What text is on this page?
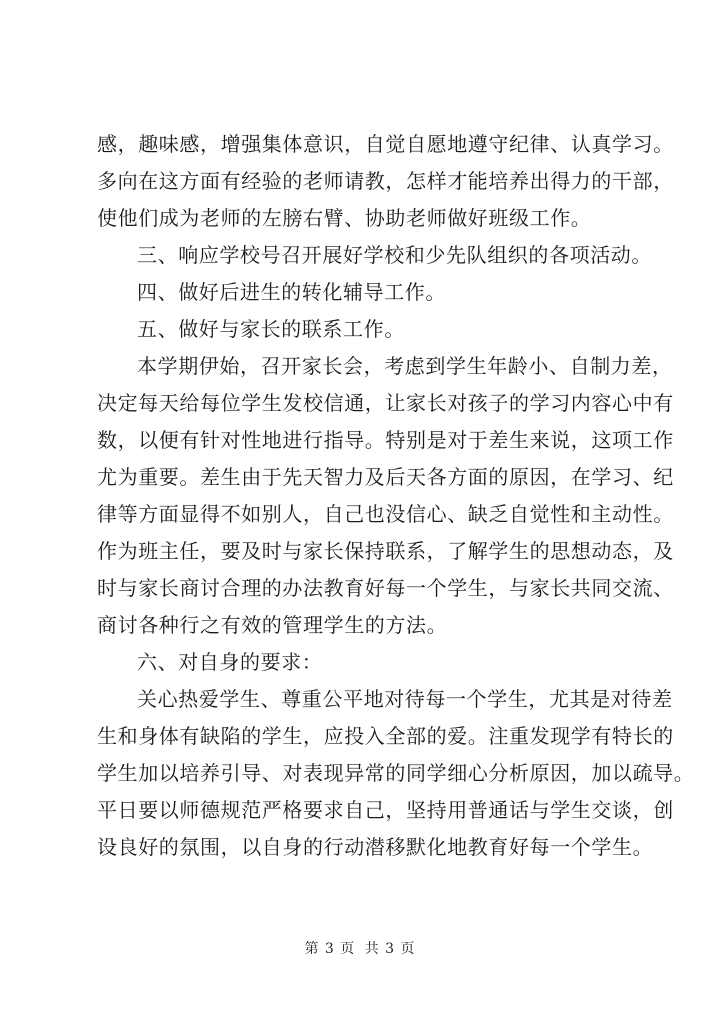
感，趣味感，增强集体意识，自觉自愿地遵守纪律、认真学习。
多向在这方面有经验的老师请教，怎样才能培养出得力的干部，
使他们成为老师的左膀右臂、协助老师做好班级工作。
三、响应学校号召开展好学校和少先队组织的各项活动。
四、做好后进生的转化辅导工作。
五、做好与家长的联系工作。
本学期伊始，召开家长会，考虑到学生年龄小、自制力差，
决定每天给每位学生发校信通，让家长对孩子的学习内容心中有
数，以便有针对性地进行指导。特别是对于差生来说，这项工作
尤为重要。差生由于先天智力及后天各方面的原因，在学习、纪
律等方面显得不如别人，自己也没信心、缺乏自觉性和主动性。
作为班主任，要及时与家长保持联系，了解学生的思想动态，及
时与家长商讨合理的办法教育好每一个学生，与家长共同交流、
商讨各种行之有效的管理学生的方法。
六、对自身的要求：
关心热爱学生、尊重公平地对待每一个学生，尤其是对待差
生和身体有缺陷的学生，应投入全部的爱。注重发现学有特长的
学生加以培养引导、对表现异常的同学细心分析原因，加以疏导。
平日要以师德规范严格要求自己，坚持用普通话与学生交谈，创
设良好的氛围，以自身的行动潜移默化地教育好每一个学生。
第 3 页 共 3 页
